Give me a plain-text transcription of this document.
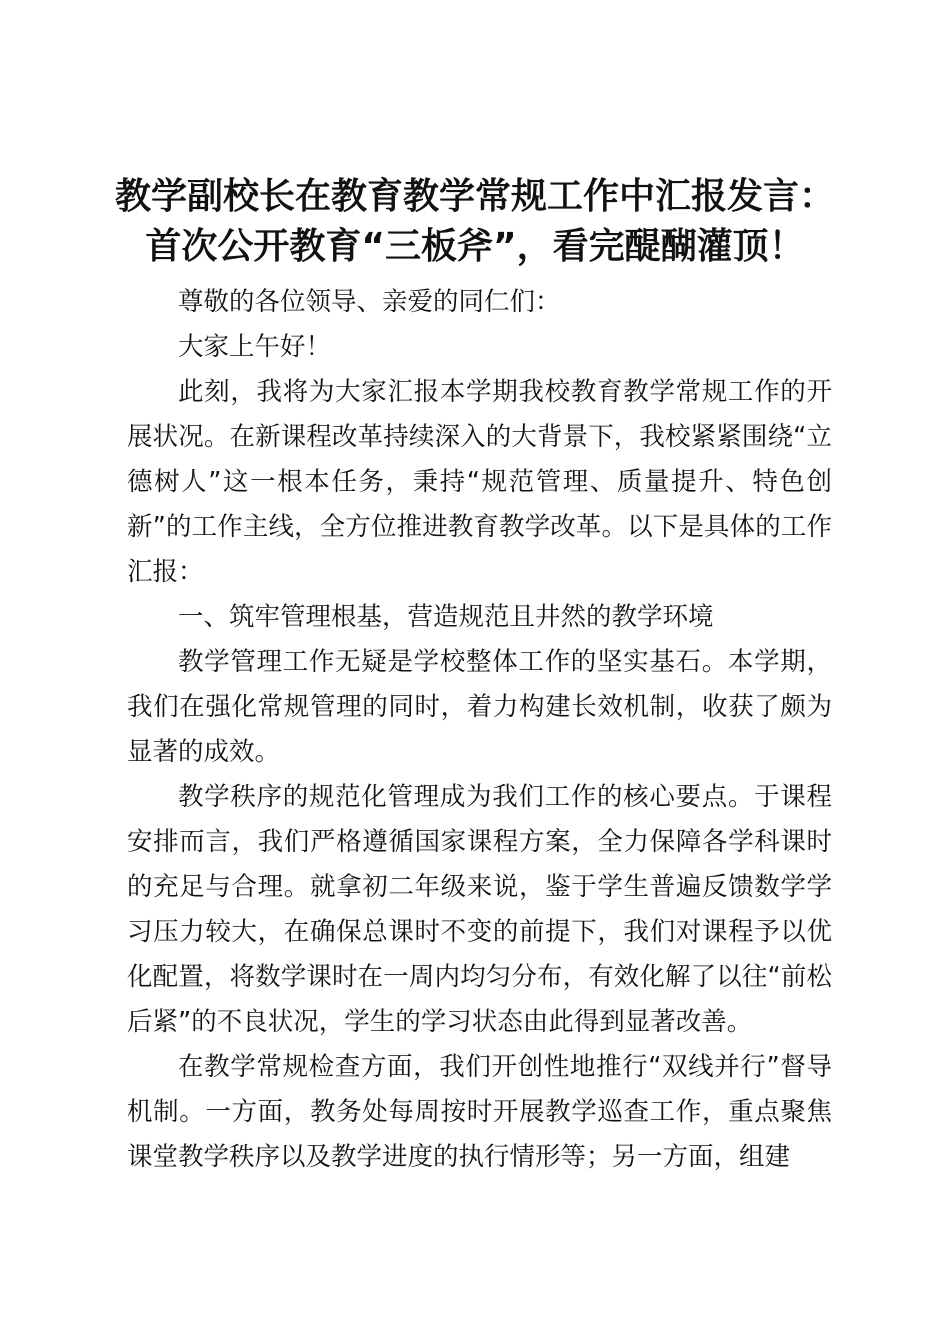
教学副校长在教育教学常规工作中汇报发言：
首次公开教育“三板斧”，看完醍醐灌顶！

尊敬的各位领导、亲爱的同仁们：

大家上午好！

此刻，我将为大家汇报本学期我校教育教学常规工作的开展状况。在新课程改革持续深入的大背景下，我校紧紧围绕“立德树人”这一根本任务，秉持“规范管理、质量提升、特色创新”的工作主线，全方位推进教育教学改革。以下是具体的工作汇报：

一、筑牢管理根基，营造规范且井然的教学环境

教学管理工作无疑是学校整体工作的坚实基石。本学期，我们在强化常规管理的同时，着力构建长效机制，收获了颇为显著的成效。

教学秩序的规范化管理成为我们工作的核心要点。于课程安排而言，我们严格遵循国家课程方案，全力保障各学科课时的充足与合理。就拿初二年级来说，鉴于学生普遍反馈数学学习压力较大，在确保总课时不变的前提下，我们对课程予以优化配置，将数学课时在一周内均匀分布，有效化解了以往“前松后紧”的不良状况，学生的学习状态由此得到显著改善。

在教学常规检查方面，我们开创性地推行“双线并行”督导机制。一方面，教务处每周按时开展教学巡查工作，重点聚焦课堂教学秩序以及教学进度的执行情形等；另一方面，组建
